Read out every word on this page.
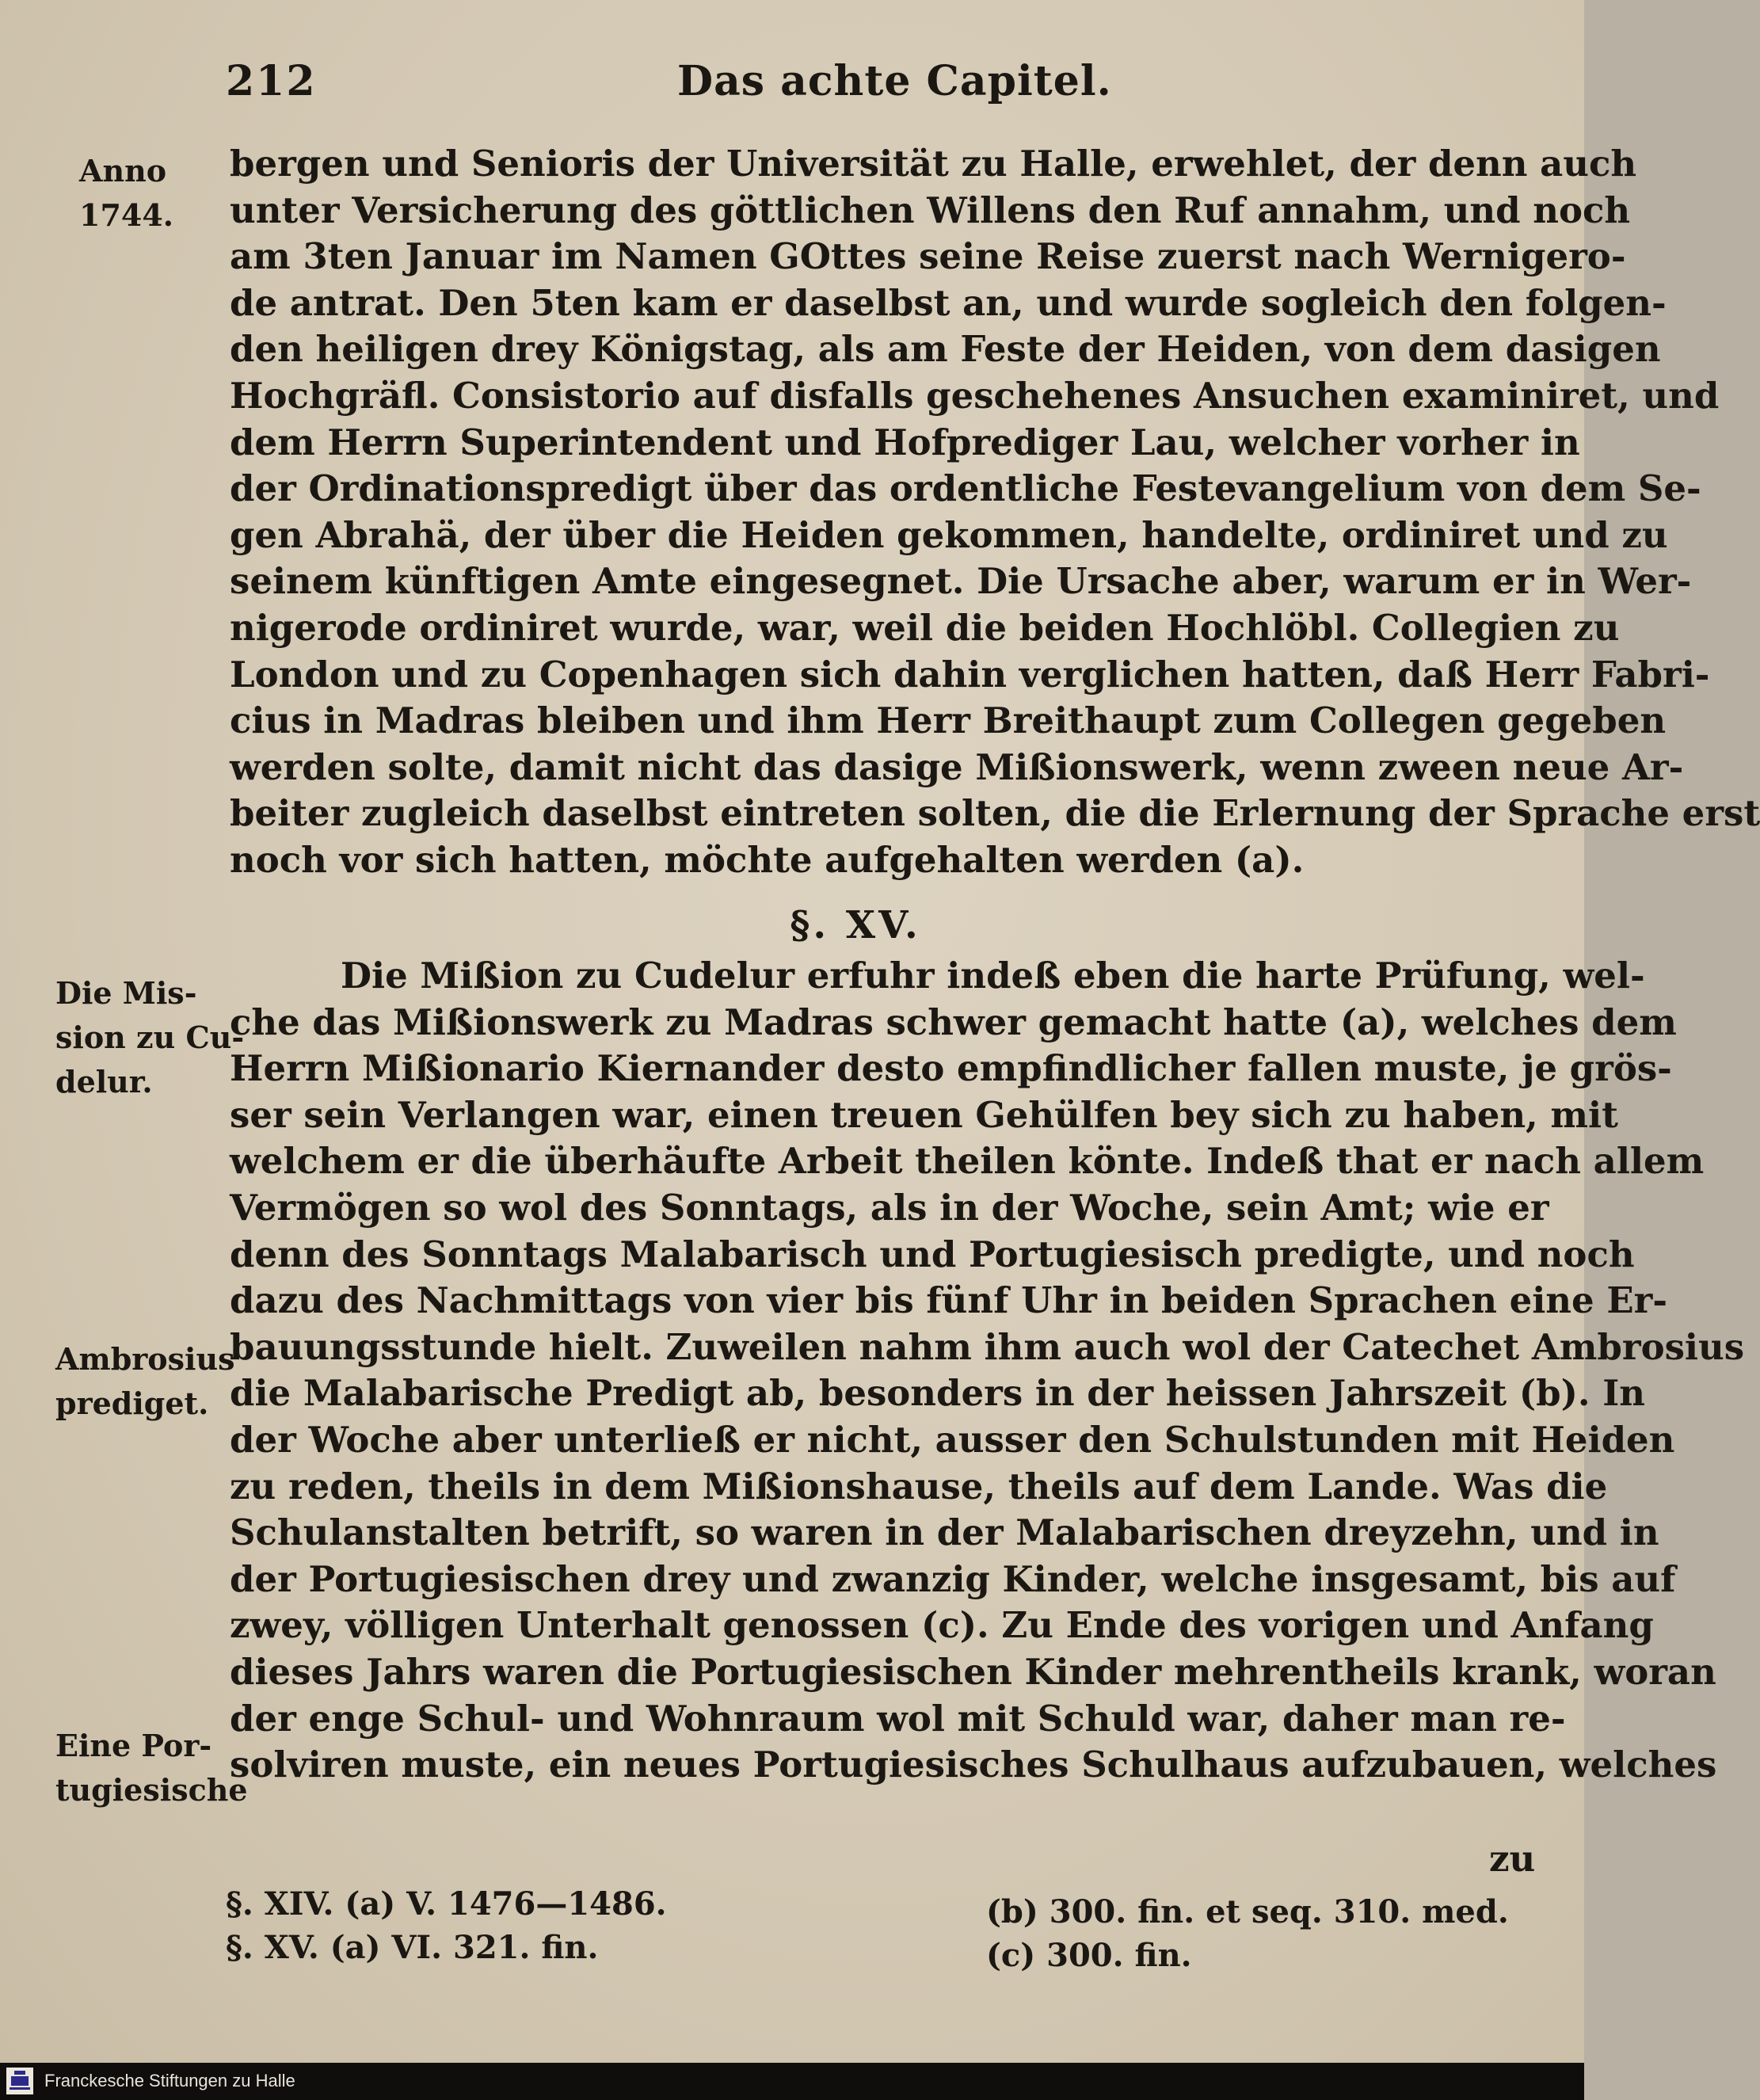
212	Das achte Capitel.
Anno
1744.
Die Mis-
sion zu Cu-
delur.
Ambrosius
prediget.
Eine Por-
tugiesische
bergen und Senioris der Universität zu Halle, erwehlet, der denn auch
unter Versicherung des göttlichen Willens den Ruf annahm, und noch
am 3ten Januar im Namen GOttes seine Reise zuerst nach Wernigero-
de antrat. Den 5ten kam er daselbst an, und wurde sogleich den folgen-
den heiligen drey Königstag, als am Feste der Heiden, von dem dasigen
Hochgräfl. Consistorio auf disfalls geschehenes Ansuchen examiniret, und
dem Herrn Superintendent und Hofprediger Lau, welcher vorher in
der Ordinationspredigt über das ordentliche Festevangelium von dem Se-
gen Abrahä, der über die Heiden gekommen, handelte, ordiniret und zu
seinem künftigen Amte eingesegnet. Die Ursache aber, warum er in Wer-
nigerode ordiniret wurde, war, weil die beiden Hochlöbl. Collegien zu
London und zu Copenhagen sich dahin verglichen hatten, daß Herr Fabri-
cius in Madras bleiben und ihm Herr Breithaupt zum Collegen gegeben
werden solte, damit nicht das dasige Mißionswerk, wenn zween neue Ar-
beiter zugleich daselbst eintreten solten, die die Erlernung der Sprache erst
noch vor sich hatten, möchte aufgehalten werden (a).
§. XV.
Die Mißion zu Cudelur erfuhr indeß eben die harte Prüfung, wel-
che das Mißionswerk zu Madras schwer gemacht hatte (a), welches dem
Herrn Mißionario Kiernander desto empfindlicher fallen muste, je grös-
ser sein Verlangen war, einen treuen Gehülfen bey sich zu haben, mit
welchem er die überhäufte Arbeit theilen könte. Indeß that er nach allem
Vermögen so wol des Sonntags, als in der Woche, sein Amt; wie er
denn des Sonntags Malabarisch und Portugiesisch predigte, und noch
dazu des Nachmittags von vier bis fünf Uhr in beiden Sprachen eine Er-
bauungsstunde hielt. Zuweilen nahm ihm auch wol der Catechet Ambrosius
die Malabarische Predigt ab, besonders in der heissen Jahrszeit (b). In
der Woche aber unterließ er nicht, ausser den Schulstunden mit Heiden
zu reden, theils in dem Mißionshause, theils auf dem Lande. Was die
Schulanstalten betrift, so waren in der Malabarischen dreyzehn, und in
der Portugiesischen drey und zwanzig Kinder, welche insgesamt, bis auf
zwey, völligen Unterhalt genossen (c). Zu Ende des vorigen und Anfang
dieses Jahrs waren die Portugiesischen Kinder mehrentheils krank, woran
der enge Schul- und Wohnraum wol mit Schuld war, daher man re-
solviren muste, ein neues Portugiesisches Schulhaus aufzubauen, welches
zu
§. XIV. (a) V. 1476—1486.
§. XV. (a) VI. 321. fin.
(b) 300. fin. et seq. 310. med.
(c) 300. fin.
Franckesche Stiftungen zu Halle
